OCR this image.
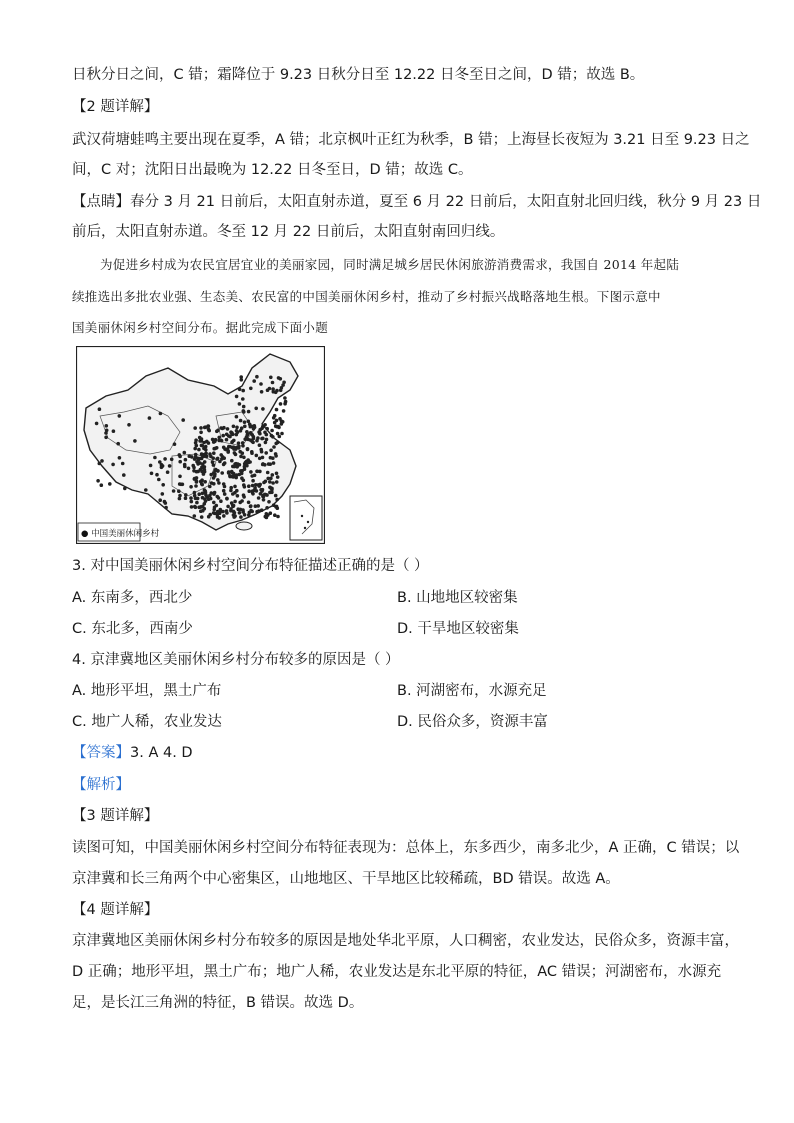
日秋分日之间，C 错；霜降位于 9.23 日秋分日至 12.22 日冬至日之间，D 错；故选 B。
【2 题详解】
武汉荷塘蛙鸣主要出现在夏季，A 错；北京枫叶正红为秋季，B 错；上海昼长夜短为 3.21 日至 9.23 日之
间，C 对；沈阳日出最晚为 12.22 日冬至日，D 错；故选 C。
【点睛】春分 3 月 21 日前后，太阳直射赤道，夏至 6 月 22 日前后，太阳直射北回归线，秋分 9 月 23 日
前后，太阳直射赤道。冬至 12 月 22 日前后，太阳直射南回归线。
为促进乡村成为农民宜居宜业的美丽家园，同时满足城乡居民休闲旅游消费需求，我国自 2014 年起陆
续推选出多批农业强、生态美、农民富的中国美丽休闲乡村，推动了乡村振兴战略落地生根。下图示意中
国美丽休闲乡村空间分布。据此完成下面小题
● 中国美丽休闲乡村
3. 对中国美丽休闲乡村空间分布特征描述正确的是（ ）
A. 东南多，西北少	B. 山地地区较密集
C. 东北多，西南少	D. 干旱地区较密集
4. 京津冀地区美丽休闲乡村分布较多的原因是（ ）
A. 地形平坦，黑土广布	B. 河湖密布，水源充足
C. 地广人稀，农业发达	D. 民俗众多，资源丰富
【答案】3. A 4. D
【解析】
【3 题详解】
读图可知，中国美丽休闲乡村空间分布特征表现为：总体上，东多西少，南多北少，A 正确，C 错误；以
京津冀和长三角两个中心密集区，山地地区、干旱地区比较稀疏，BD 错误。故选 A。
【4 题详解】
京津冀地区美丽休闲乡村分布较多的原因是地处华北平原，人口稠密，农业发达，民俗众多，资源丰富，
D 正确；地形平坦，黑土广布；地广人稀，农业发达是东北平原的特征，AC 错误；河湖密布，水源充
足，是长江三角洲的特征，B 错误。故选 D。
